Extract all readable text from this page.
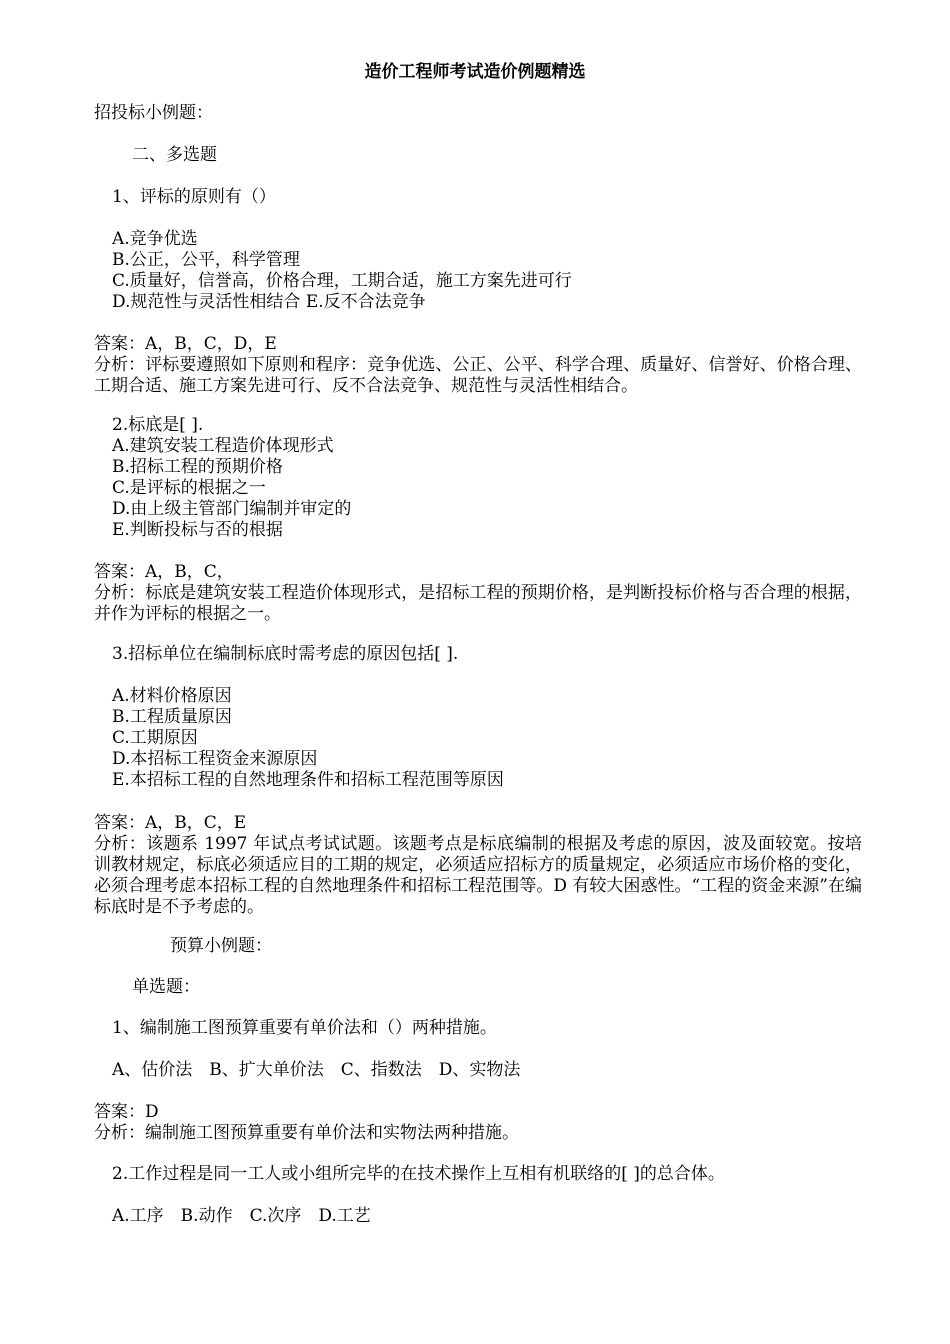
造价工程师考试造价例题精选
招投标小例题：
二、多选题
1、评标的原则有（）
A.竞争优选
B.公正，公平，科学管理
C.质量好，信誉高，价格合理，工期合适，施工方案先进可行
D.规范性与灵活性相结合 E.反不合法竞争
答案：A，B，C，D，E
分析：评标要遵照如下原则和程序：竞争优选、公正、公平、科学合理、质量好、信誉好、价格合理、工期合适、施工方案先进可行、反不合法竞争、规范性与灵活性相结合。
2.标底是[ ].
A.建筑安装工程造价体现形式
B.招标工程的预期价格
C.是评标的根据之一
D.由上级主管部门编制并审定的
E.判断投标与否的根据
答案：A，B，C，
分析：标底是建筑安装工程造价体现形式，是招标工程的预期价格，是判断投标价格与否合理的根据，并作为评标的根据之一。
3.招标单位在编制标底时需考虑的原因包括[ ].
A.材料价格原因
B.工程质量原因
C.工期原因
D.本招标工程资金来源原因
E.本招标工程的自然地理条件和招标工程范围等原因
答案：A，B，C，E
分析：该题系 1997 年试点考试试题。该题考点是标底编制的根据及考虑的原因，波及面较宽。按培训教材规定，标底必须适应目的工期的规定，必须适应招标方的质量规定，必须适应市场价格的变化，必须合理考虑本招标工程的自然地理条件和招标工程范围等。D 有较大困惑性。“工程的资金来源”在编标底时是不予考虑的。
预算小例题：
单选题：
1、编制施工图预算重要有单价法和（）两种措施。
A、估价法　B、扩大单价法　C、指数法　D、实物法
答案：D
分析：编制施工图预算重要有单价法和实物法两种措施。
2.工作过程是同一工人或小组所完毕的在技术操作上互相有机联络的[ ]的总合体。
A.工序　B.动作　C.次序　D.工艺
